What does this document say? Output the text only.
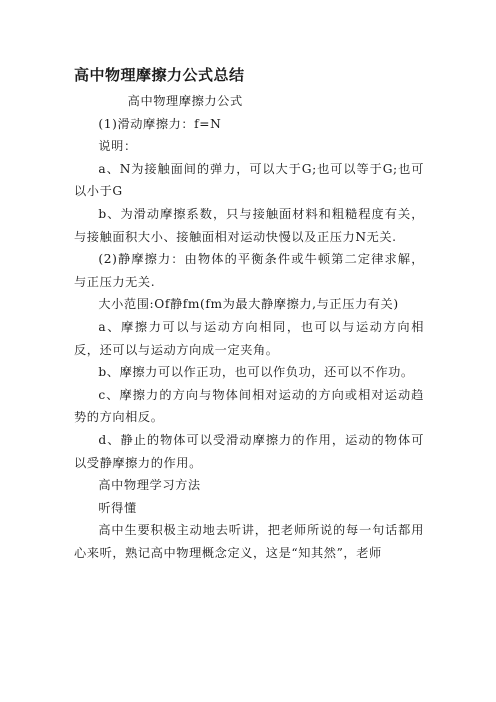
高中物理摩擦力公式总结

高中物理摩擦力公式

(1)滑动摩擦力：f=N

说明：

a、N为接触面间的弹力，可以大于G;也可以等于G;也可以小于G

b、为滑动摩擦系数，只与接触面材料和粗糙程度有关，与接触面积大小、接触面相对运动快慢以及正压力N无关.

(2)静摩擦力：由物体的平衡条件或牛顿第二定律求解，与正压力无关.

大小范围:Of静fm(fm为最大静摩擦力,与正压力有关)

a、摩擦力可以与运动方向相同，也可以与运动方向相反，还可以与运动方向成一定夹角。

b、摩擦力可以作正功，也可以作负功，还可以不作功。

c、摩擦力的方向与物体间相对运动的方向或相对运动趋势的方向相反。

d、静止的物体可以受滑动摩擦力的作用，运动的物体可以受静摩擦力的作用。

高中物理学习方法

听得懂

高中生要积极主动地去听讲，把老师所说的每一句话都用心来听，熟记高中物理概念定义，这是“知其然”，老师
